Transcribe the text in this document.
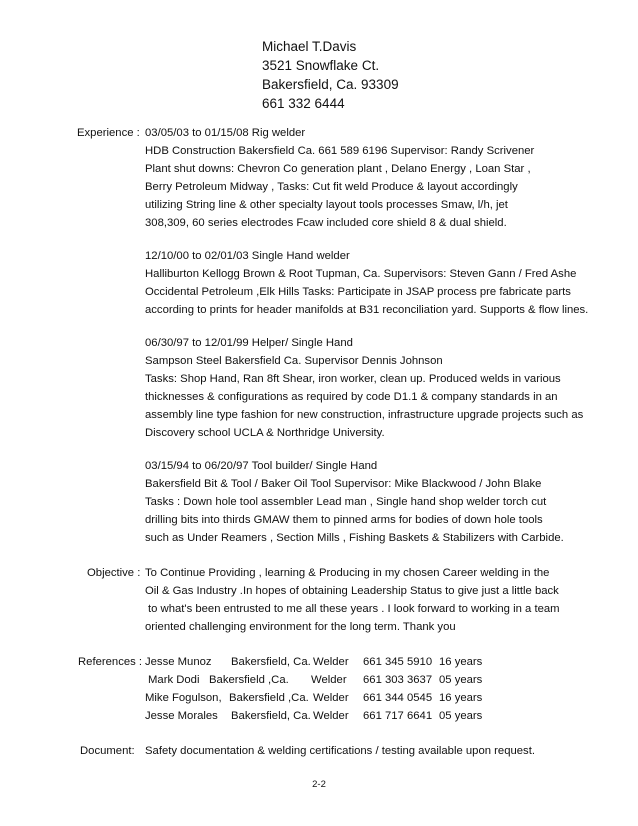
Michael T.Davis
3521 Snowflake Ct.
Bakersfield, Ca. 93309
661 332 6444
Experience : 03/05/03 to 01/15/08 Rig welder
HDB Construction Bakersfield Ca. 661 589 6196 Supervisor: Randy Scrivener
Plant shut downs: Chevron Co generation plant , Delano Energy , Loan Star ,
Berry Petroleum Midway , Tasks: Cut fit weld Produce & layout accordingly
utilizing String line & other specialty layout tools processes Smaw, l/h, jet
308,309, 60 series electrodes Fcaw included core shield 8 & dual shield.
12/10/00 to 02/01/03 Single Hand welder
Halliburton Kellogg Brown & Root Tupman, Ca. Supervisors: Steven Gann / Fred Ashe
Occidental Petroleum ,Elk Hills Tasks: Participate in JSAP process pre fabricate parts
according to prints for header manifolds at B31 reconciliation yard. Supports & flow lines.
06/30/97 to 12/01/99 Helper/ Single Hand
Sampson Steel Bakersfield Ca. Supervisor Dennis Johnson
Tasks: Shop Hand, Ran 8ft Shear, iron worker, clean up. Produced welds in various
thicknesses & configurations as required by code D1.1 & company standards in an
assembly line type fashion for new construction, infrastructure upgrade projects such as
Discovery school UCLA & Northridge University.
03/15/94 to 06/20/97 Tool builder/ Single Hand
Bakersfield Bit & Tool / Baker Oil Tool Supervisor: Mike Blackwood / John Blake
Tasks : Down hole tool assembler Lead man , Single hand shop welder torch cut
drilling bits into thirds GMAW them to pinned arms for bodies of down hole tools
such as Under Reamers , Section Mills , Fishing Baskets & Stabilizers with Carbide.
Objective : To Continue Providing , learning & Producing in my chosen Career welding in the
Oil & Gas Industry .In hopes of obtaining Leadership Status to give just a little back
to what's been entrusted to me all these years . I look forward to working in a team
oriented challenging environment for the long term. Thank you
References : Jesse Munoz Bakersfield, Ca. Welder 661 345 5910 16 years
Mark Dodi Bakersfield ,Ca. Welder 661 303 3637 05 years
Mike Fogulson, Bakersfield ,Ca. Welder 661 344 0545 16 years
Jesse Morales Bakersfield, Ca. Welder 661 717 6641 05 years
Document: Safety documentation & welding certifications / testing available upon request.
2-2
